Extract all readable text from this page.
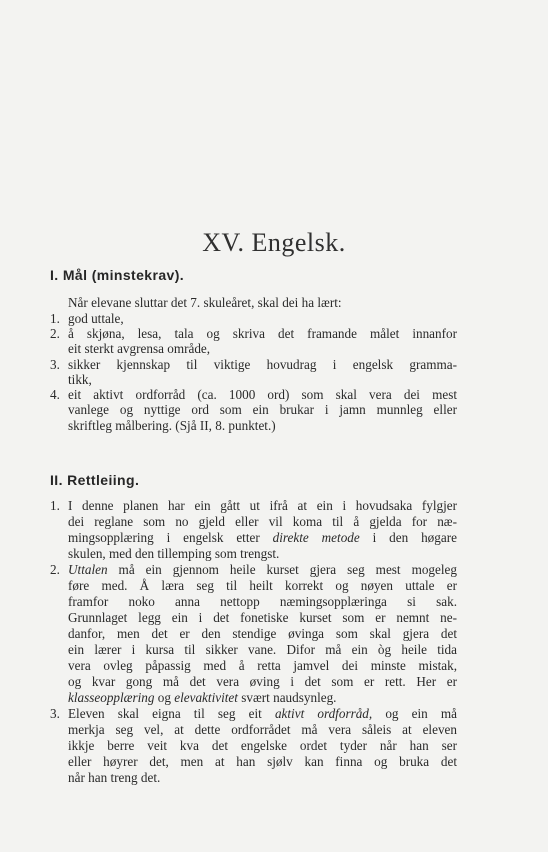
XV. Engelsk.
I. Mål (minstekrav).
Når elevane sluttar det 7. skuleåret, skal dei ha lært:
1. god uttale,
2. å skjøna, lesa, tala og skriva det framande målet innanfor
eit sterkt avgrensa område,
3. sikker kjennskap til viktige hovudrag i engelsk gramma-
tikk,
4. eit aktivt ordforråd (ca. 1000 ord) som skal vera dei mest
vanlege og nyttige ord som ein brukar i jamn munnleg eller
skriftleg målbering. (Sjå II, 8. punktet.)
II. Rettleiing.
1. I denne planen har ein gått ut ifrå at ein i hovudsaka fylgjer
dei reglane som no gjeld eller vil koma til å gjelda for næ-
mingsopplæring i engelsk etter direkte metode i den høgare
skulen, med den tillemping som trengst.
2. Uttalen må ein gjennom heile kurset gjera seg mest mogeleg
føre med. Å læra seg til heilt korrekt og nøyen uttale er
framfor noko anna nettopp næmingsopplæringa si sak.
Grunnlaget legg ein i det fonetiske kurset som er nemnt ne-
danfor, men det er den stendige øvinga som skal gjera det
ein lærer i kursa til sikker vane. Difor må ein òg heile tida
vera ovleg påpassig med å retta jamvel dei minste mistak,
og kvar gong må det vera øving i det som er rett. Her er
klasseopplæring og elevaktivitet svært naudsynleg.
3. Eleven skal eigna til seg eit aktivt ordforråd, og ein må
merkja seg vel, at dette ordforrådet må vera såleis at eleven
ikkje berre veit kva det engelske ordet tyder når han ser
eller høyrer det, men at han sjølv kan finna og bruka det
når han treng det.
